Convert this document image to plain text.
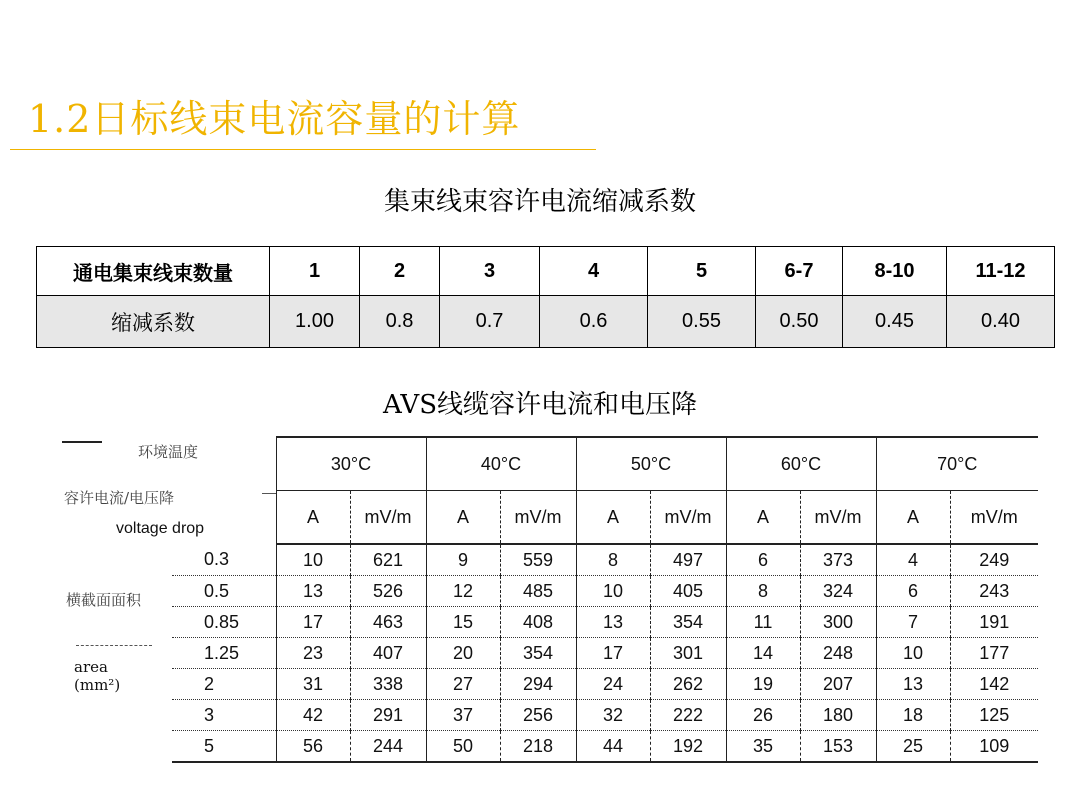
1.2日标线束电流容量的计算
集束线束容许电流缩减系数
通电集束线束数量	1	2	3	4	5	6-7	8-10	11-12
缩减系数	1.00	0.8	0.7	0.6	0.55	0.50	0.45	0.40
AVS线缆容许电流和电压降
环境温度
容许电流/电压降
voltage drop		30°C		40°C		50°C		60°C		70°C	
		A	mV/m	A	mV/m	A	mV/m	A	mV/m	A	mV/m
	0.3	10	621	9	559	8	497	6	373	4	249
	0.5	13	526	12	485	10	405	8	324	6	243
	0.85	17	463	15	408	13	354	11	300	7	191
	1.25	23	407	20	354	17	301	14	248	10	177
	2	31	338	27	294	24	262	19	207	13	142
	3	42	291	37	256	32	222	26	180	18	125
	5	56	244	50	218	44	192	35	153	25	109
横截面面积
area
(mm²)
